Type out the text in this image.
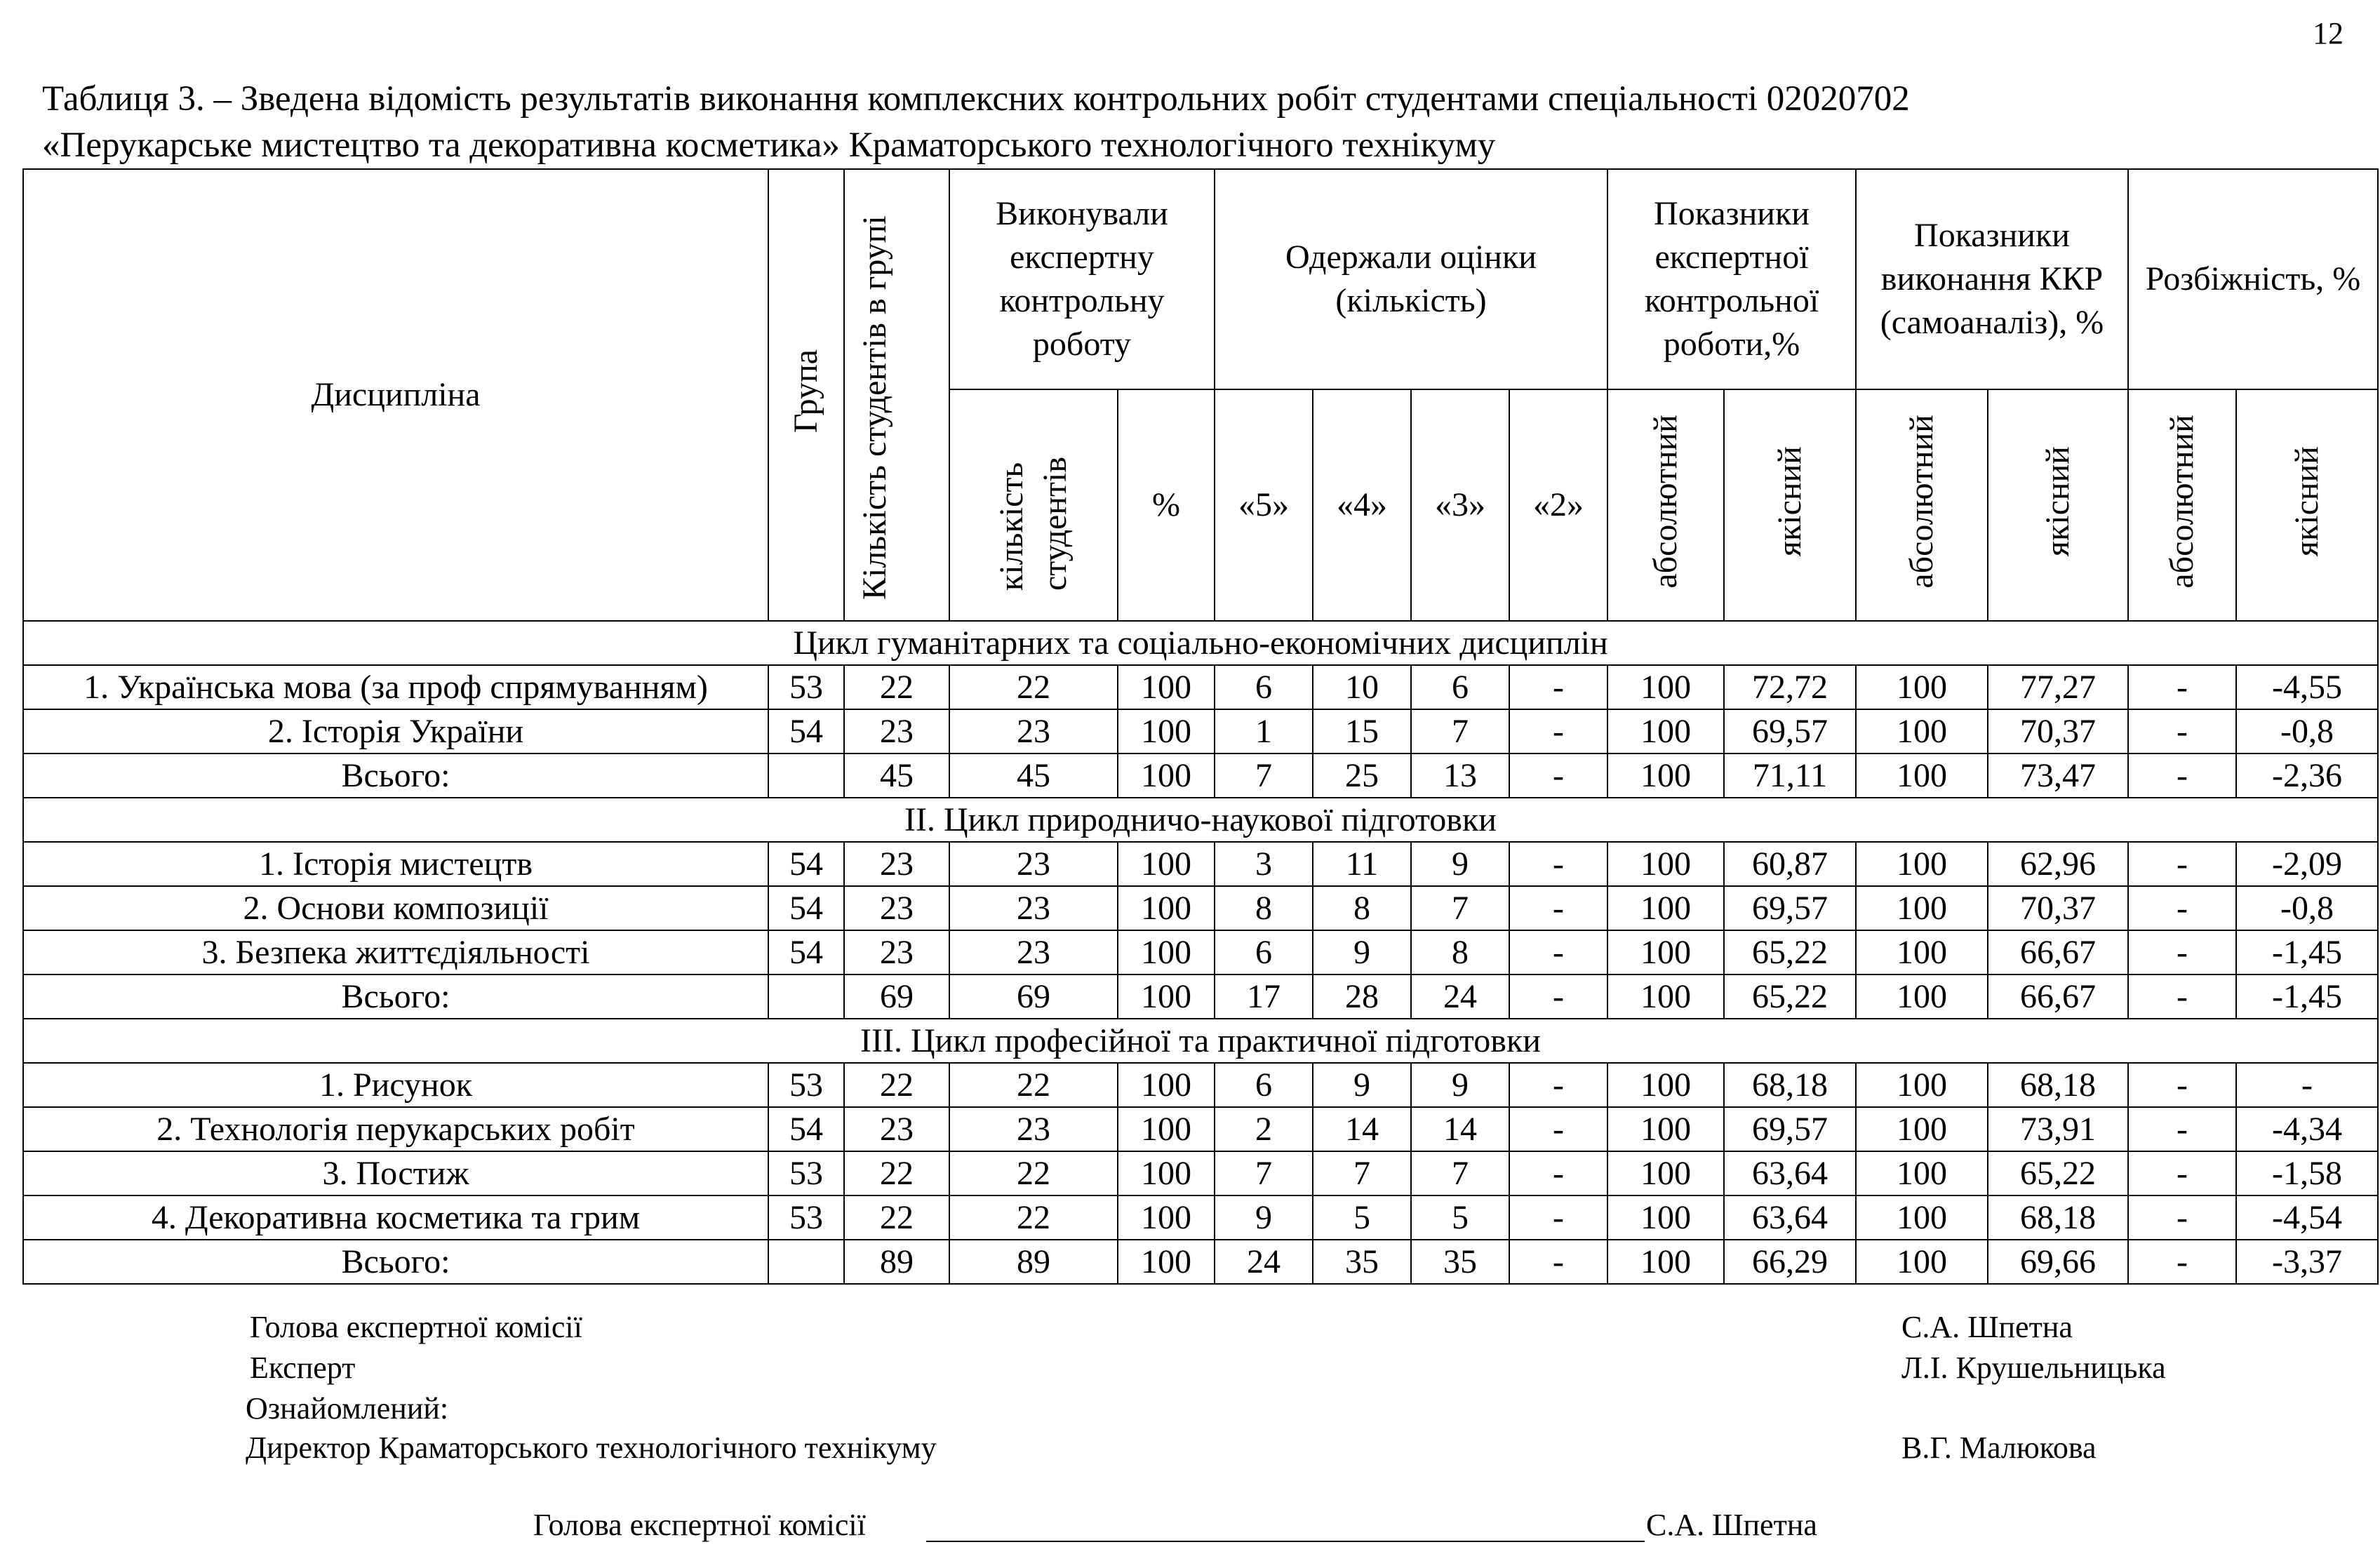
12
Таблиця 3. – Зведена відомість результатів виконання комплексних контрольних робіт студентами спеціальності 02020702
«Перукарське мистецтво та декоративна косметика» Краматорського технологічного технікуму
Дисципліна	Група	Кількість студентів в групі	Виконували експертну контрольну роботу		Одержали оцінки (кількість)				Показники експертної контрольної роботи,%		Показники виконання ККР (самоаналіз), %		Розбіжність, %	
			кількість студентів	%	«5»	«4»	«3»	«2»	абсолютний	якісний	абсолютний	якісний	абсолютний	якісний
Цикл гуманітарних та соціально-економічних дисциплін														
1. Українська мова (за проф спрямуванням)	53	22	22	100	6	10	6	-	100	72,72	100	77,27	-	-4,55
2. Історія України	54	23	23	100	1	15	7	-	100	69,57	100	70,37	-	-0,8
Всього:		45	45	100	7	25	13	-	100	71,11	100	73,47	-	-2,36
ІІ. Цикл природничо-наукової підготовки														
1. Історія мистецтв	54	23	23	100	3	11	9	-	100	60,87	100	62,96	-	-2,09
2. Основи композиції	54	23	23	100	8	8	7	-	100	69,57	100	70,37	-	-0,8
3. Безпека життєдіяльності	54	23	23	100	6	9	8	-	100	65,22	100	66,67	-	-1,45
Всього:		69	69	100	17	28	24	-	100	65,22	100	66,67	-	-1,45
ІІІ. Цикл професійної та практичної підготовки														
1. Рисунок	53	22	22	100	6	9	9	-	100	68,18	100	68,18	-	-
2. Технологія перукарських робіт	54	23	23	100	2	14	14	-	100	69,57	100	73,91	-	-4,34
3. Постиж	53	22	22	100	7	7	7	-	100	63,64	100	65,22	-	-1,58
4. Декоративна косметика та грим	53	22	22	100	9	5	5	-	100	63,64	100	68,18	-	-4,54
Всього:		89	89	100	24	35	35	-	100	66,29	100	69,66	-	-3,37
Голова експертної комісії	С.А. Шпетна
Експерт	Л.І. Крушельницька
Ознайомлений:
Директор Краматорського технологічного технікуму	В.Г. Малюкова
Голова експертної комісії	С.А. Шпетна
